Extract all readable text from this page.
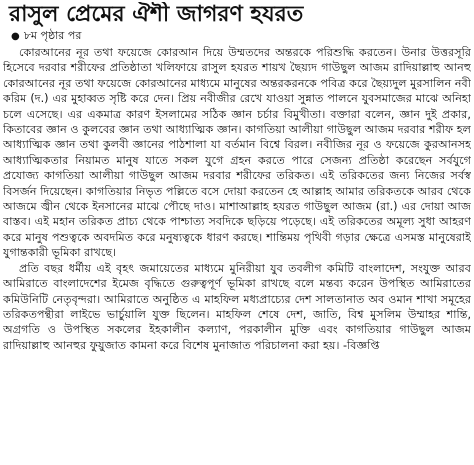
রাসুল প্রেমের ঐশী জাগরণ হযরত
● ৮ম পৃষ্ঠার পর

কোরআনের নূর তথা ফয়েজে কোরআন দিয়ে উম্মতদের অন্তরকে পরিশুদ্ধি করতেন। উনার উত্তরসূরি হিসেবে দরবার শরীফের প্রতিষ্ঠাতা খলিফায়ে রাসুল হযরত শায়খ ছৈয়্যদ গাউছুল আজম রাদিয়াল্লাহু আনহু কোরআনের নূর তথা ফয়েজে কোরআনের মাধ্যমে মানুষের অন্তরকরনকে পবিত্র করে ছৈয়্যদুল মুরসালিন নবী করিম (দ.) এর মুহাব্বত সৃষ্টি করে দেন। প্রিয় নবীজীর রেখে যাওয়া সুন্নাত পালনে যুবসমাজের মাঝে অনিহা চলে এসেছে। এর একমাত্র কারণ ইসলামের সঠিক জ্ঞান চর্চার বিমুখীতা। বক্তারা বলেন, জ্ঞান দুই প্রকার, কিতাবের জ্ঞান ও কুলবের জ্ঞান তথা আধ্যাত্মিক জ্ঞান। কাগতিয়া আলীয়া গাউছুল আজম দরবার শরীফ হল আধ্যাত্মিক জ্ঞান তথা কুলবী জ্ঞানের পাঠশালা যা বর্তমান বিশ্বে বিরল। নবীজির নূর ও ফয়েজে কুরআনসহ আধ্যাত্মিকতার নিয়ামত মানুষ যাতে সকল যুগে গ্রহন করতে পারে সেজন্য প্রতিষ্ঠা করেছেন সর্বযুগে প্রযোজ্য কাগতিয়া আলীয়া গাউছুল আজম দরবার শরীফের তরিকত। এই তরিকতের জন্য নিজের সর্বস্ব বিসর্জন দিয়েছেন। কাগতিয়ার নিভৃত পল্লিতে বসে দোয়া করতেন হে আল্লাহ আমার তরিকতকে আরব থেকে আজমে জ্বীন থেকে ইনসানের মাঝে পৌছে দাও। মাশাআল্লাহ হযরত গাউছুল আজম (রা.) এর দোয়া আজ বাস্তব। এই মহান তরিকত প্রাচ্য থেকে পাশ্চাত্য সবদিকে ছড়িয়ে পড়েছে। এই তরিকতের অমূল্য সুধা আহরণ করে মানুষ পশুত্বকে অবদমিত করে মনুষ্যত্বকে ধারণ করছে। শান্তিময় পৃথিবী গড়ার ক্ষেত্রে এসমস্ত মানুষেরাই যুগান্তকারী ভূমিকা রাখছে।

প্রতি বছর ধর্মীয় এই বৃহৎ জমায়েতের মাধ্যমে মুনিরীয়া যুব তবলীগ কমিটি বাংলাদেশ, সংযুক্ত আরব আমিরাতে বাংলাদেশের ইমেজ বৃদ্ধিতে গুরুত্বপূর্ণ ভূমিকা রাখছে বলে মন্তব্য করেন উপস্থিত আমিরাতের কমিউনিটি নেতৃবৃন্দরা। আমিরাতে অনুষ্ঠিত এ মাহফিল মধ্যপ্রাচ্যের দেশ সালতানাত অব ওমান শাখা সমূহের তরিকতপন্থীরা লাইভে ভার্চুয়ালি যুক্ত ছিলেন। মাহফিল শেষে দেশ, জাতি, বিশ্ব মুসলিম উম্মাহর শান্তি, অগ্রগতি ও উপস্থিত সকলের ইহকালীন কল্যাণ, পরকালীন মুক্তি এবং কাগতিয়ার গাউছুল আজম রাদিয়াল্লাহু আনহুর ফুয়ুজাত কামনা করে বিশেষ মুনাজাত পরিচালনা করা হয়। -বিজ্ঞপ্তি
